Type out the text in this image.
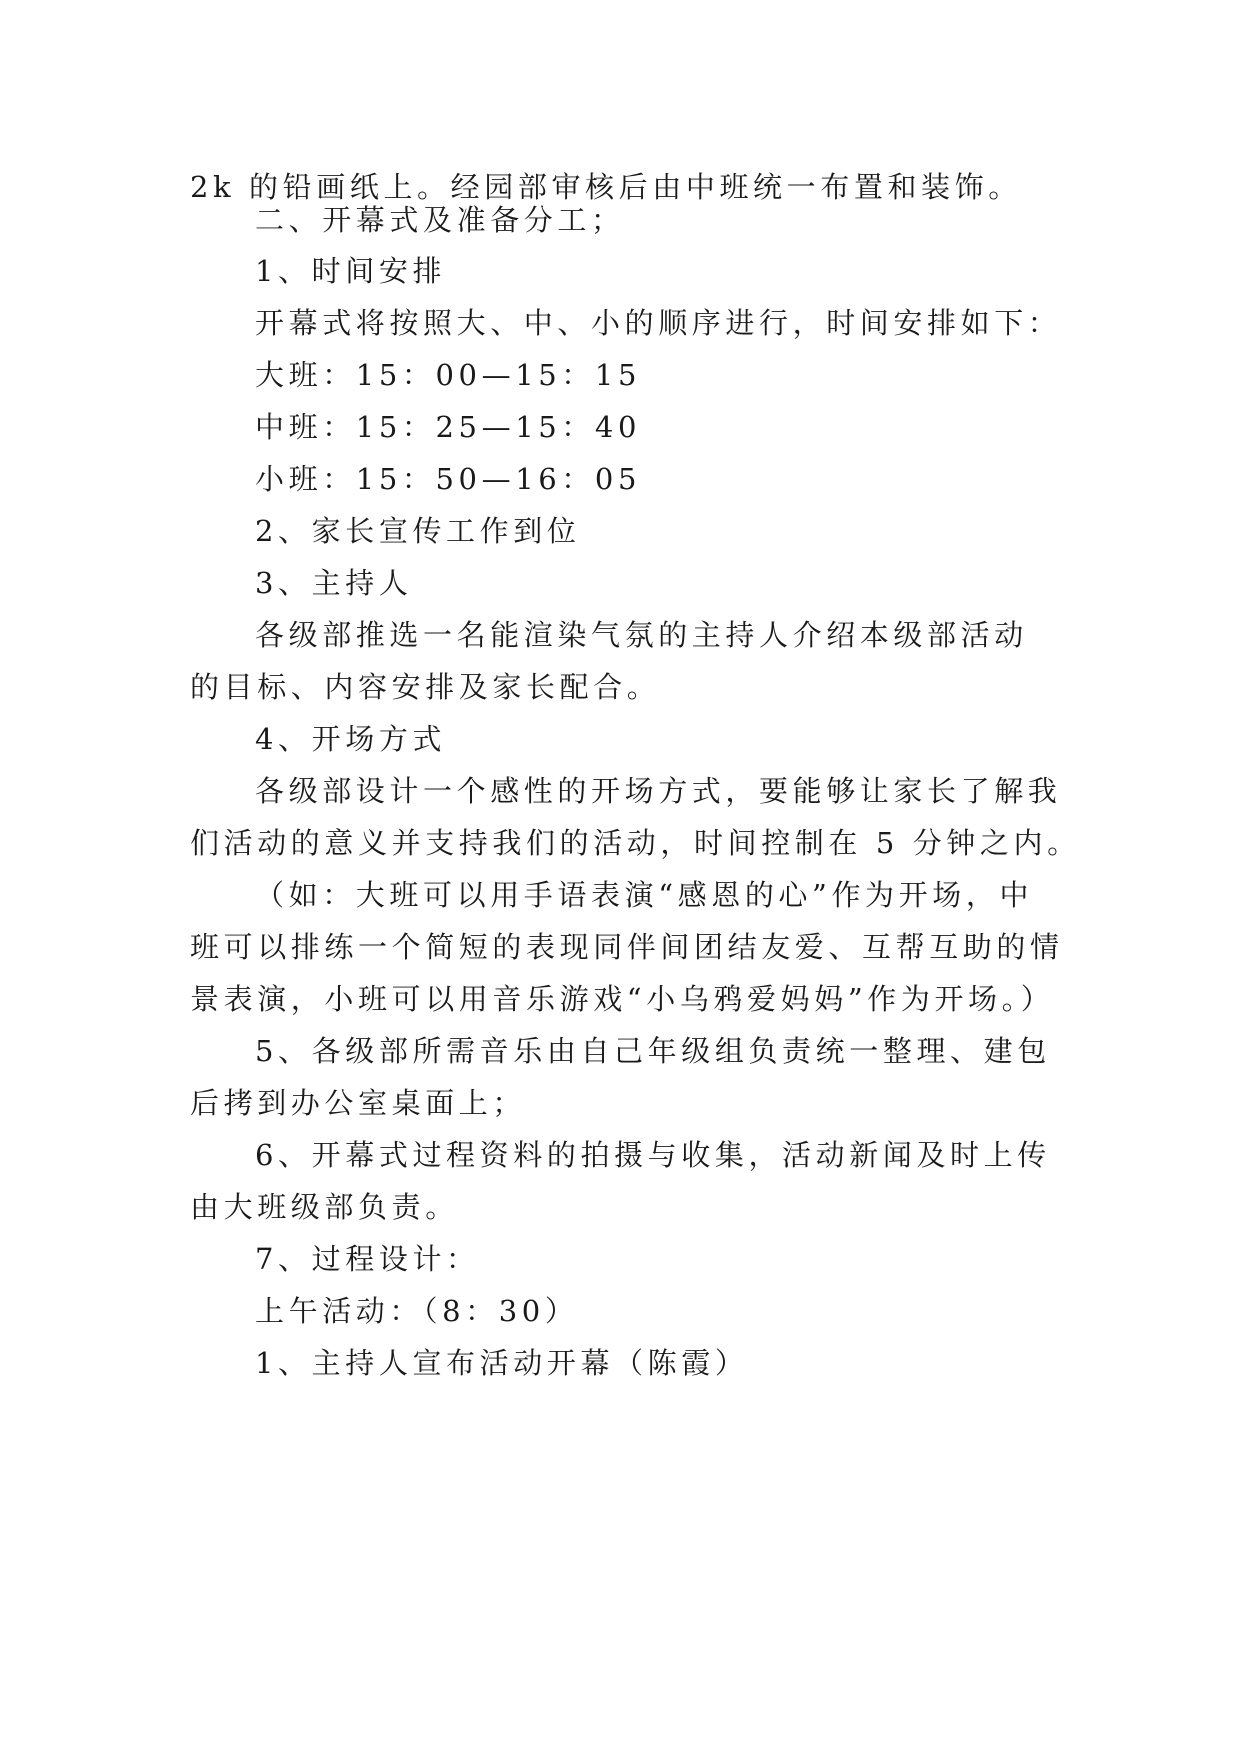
2k 的铅画纸上。经园部审核后由中班统一布置和装饰。
二、开幕式及准备分工；
1、时间安排
开幕式将按照大、中、小的顺序进行，时间安排如下：
大班：15：00—15：15
中班：15：25—15：40
小班：15：50—16：05
2、家长宣传工作到位
3、主持人
各级部推选一名能渲染气氛的主持人介绍本级部活动
的目标、内容安排及家长配合。
4、开场方式
各级部设计一个感性的开场方式，要能够让家长了解我
们活动的意义并支持我们的活动，时间控制在 5 分钟之内。
（如：大班可以用手语表演“感恩的心”作为开场，中
班可以排练一个简短的表现同伴间团结友爱、互帮互助的情
景表演，小班可以用音乐游戏“小乌鸦爱妈妈”作为开场。）
5、各级部所需音乐由自己年级组负责统一整理、建包
后拷到办公室桌面上；
6、开幕式过程资料的拍摄与收集，活动新闻及时上传
由大班级部负责。
7、过程设计：
上午活动：（8：30）
1、主持人宣布活动开幕（陈霞）
